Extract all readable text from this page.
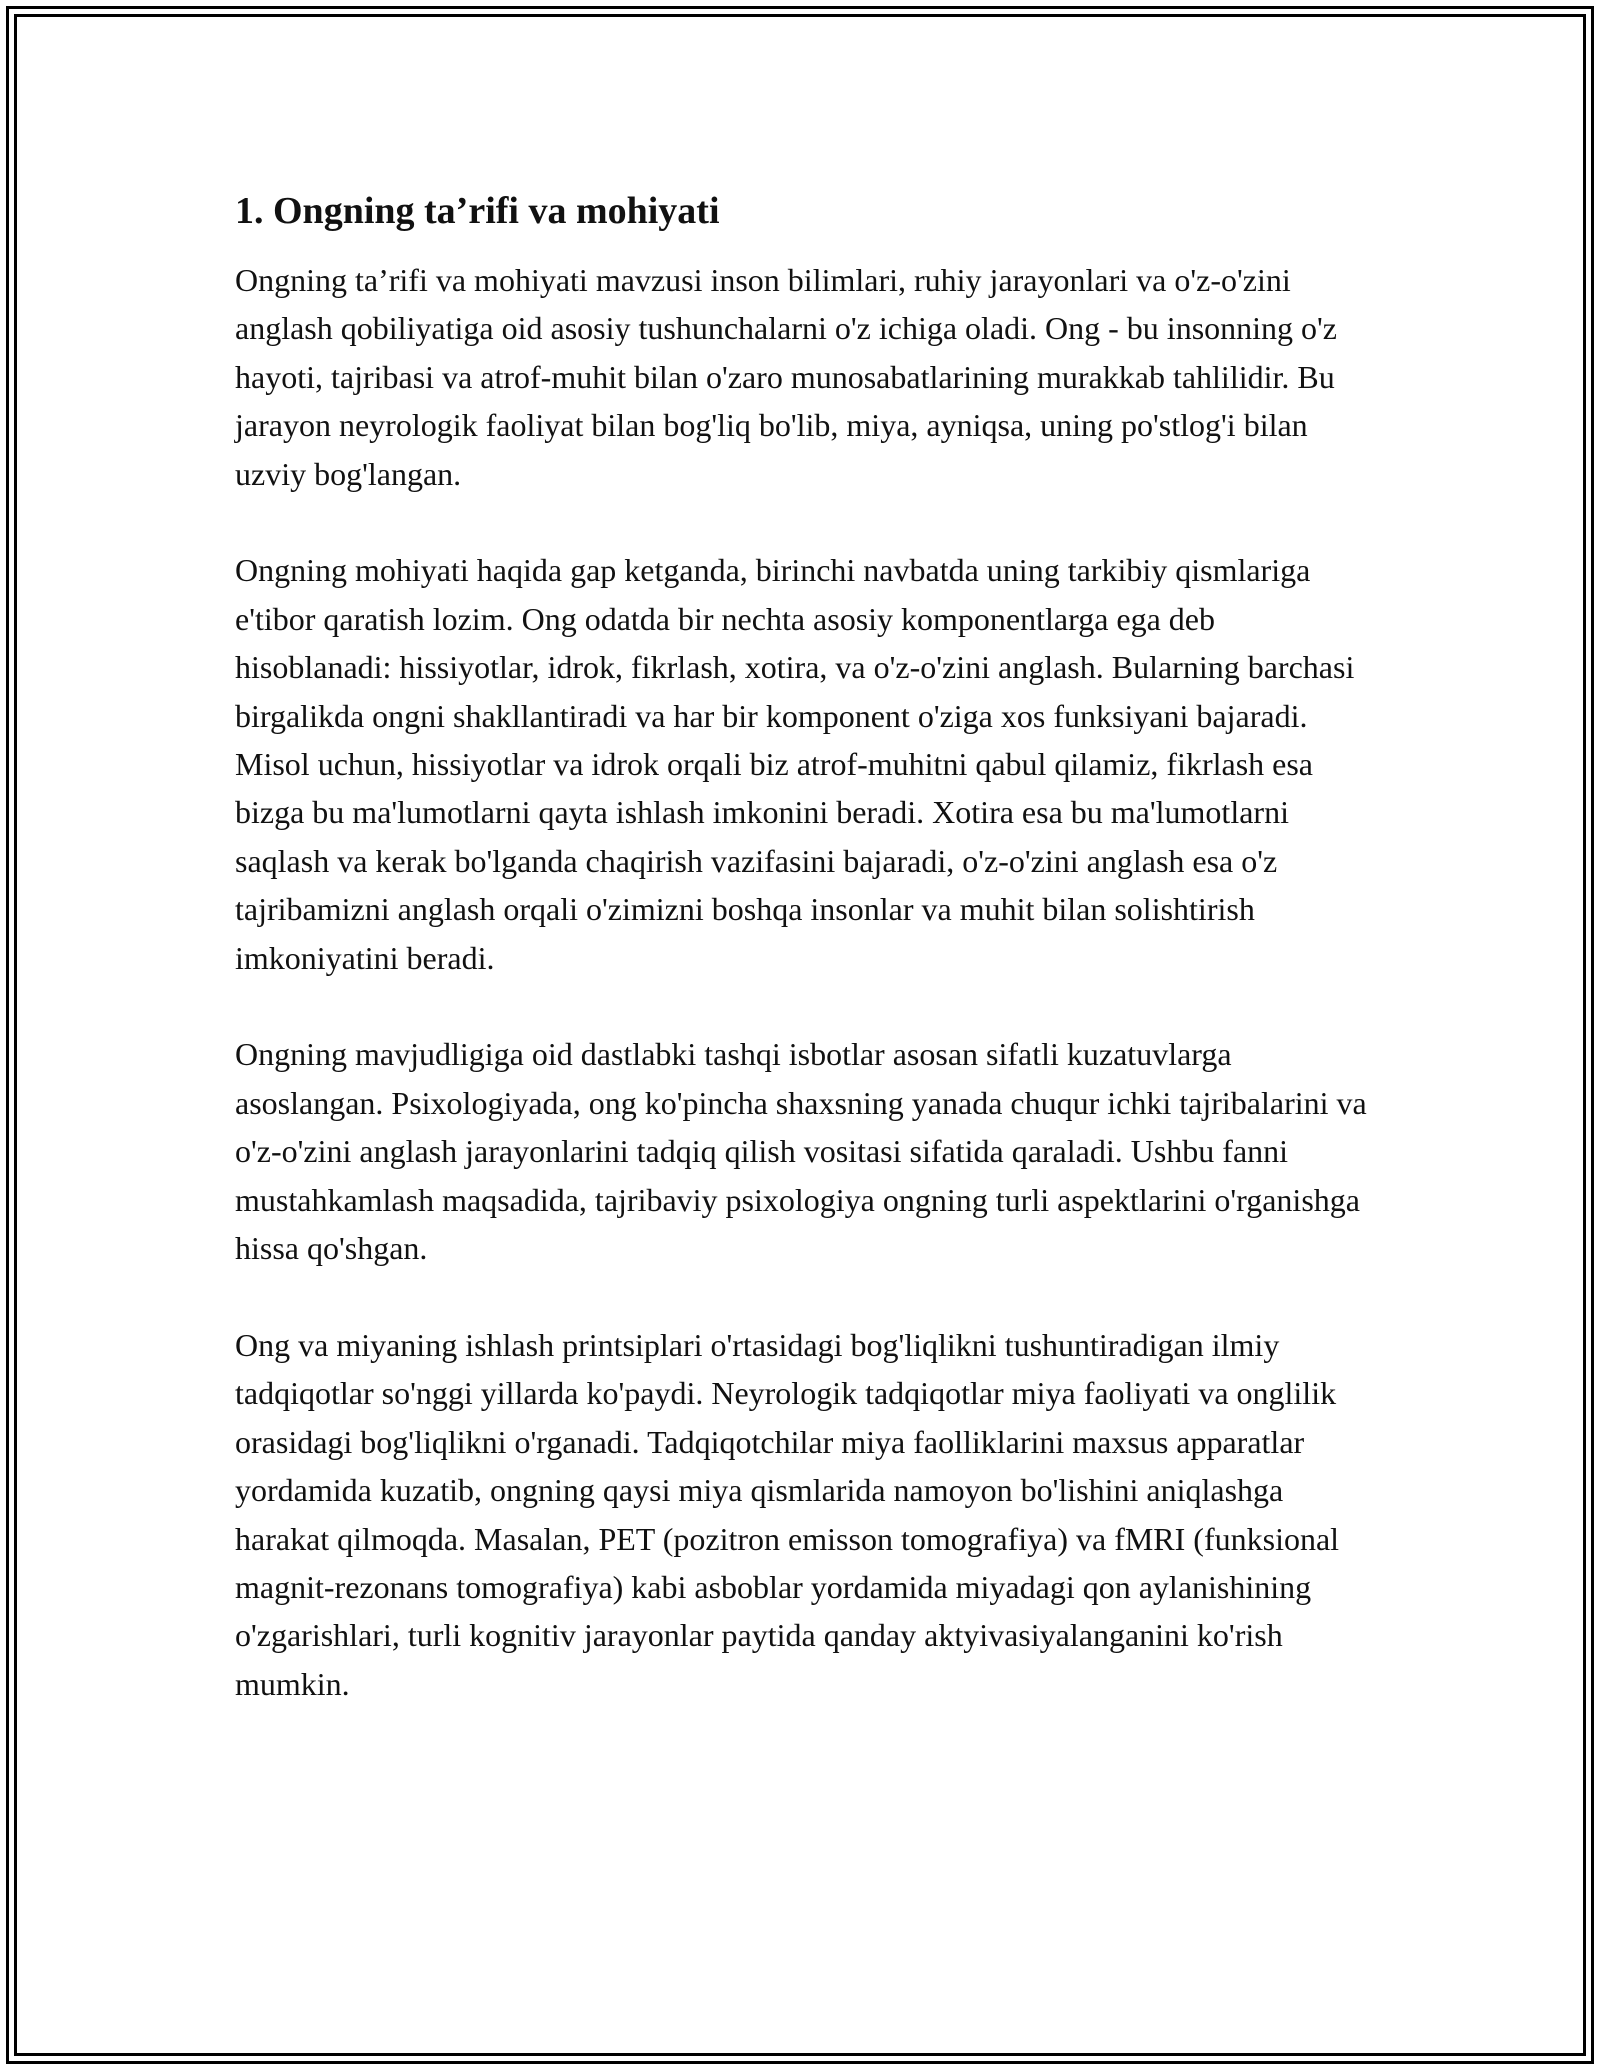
1. Ongning ta’rifi va mohiyati

Ongning ta’rifi va mohiyati mavzusi inson bilimlari, ruhiy jarayonlari va o'z-o'zini anglash qobiliyatiga oid asosiy tushunchalarni o'z ichiga oladi. Ong - bu insonning o'z hayoti, tajribasi va atrof-muhit bilan o'zaro munosabatlarining murakkab tahlilidir. Bu jarayon neyrologik faoliyat bilan bog'liq bo'lib, miya, ayniqsa, uning po'stlog'i bilan uzviy bog'langan.

Ongning mohiyati haqida gap ketganda, birinchi navbatda uning tarkibiy qismlariga e'tibor qaratish lozim. Ong odatda bir nechta asosiy komponentlarga ega deb hisoblanadi: hissiyotlar, idrok, fikrlash, xotira, va o'z-o'zini anglash. Bularning barchasi birgalikda ongni shakllantiradi va har bir komponent o'ziga xos funksiyani bajaradi. Misol uchun, hissiyotlar va idrok orqali biz atrof-muhitni qabul qilamiz, fikrlash esa bizga bu ma'lumotlarni qayta ishlash imkonini beradi. Xotira esa bu ma'lumotlarni saqlash va kerak bo'lganda chaqirish vazifasini bajaradi, o'z-o'zini anglash esa o'z tajribamizni anglash orqali o'zimizni boshqa insonlar va muhit bilan solishtirish imkoniyatini beradi.

Ongning mavjudligiga oid dastlabki tashqi isbotlar asosan sifatli kuzatuvlarga asoslangan. Psixologiyada, ong ko'pincha shaxsning yanada chuqur ichki tajribalarini va o'z-o'zini anglash jarayonlarini tadqiq qilish vositasi sifatida qaraladi. Ushbu fanni mustahkamlash maqsadida, tajribaviy psixologiya ongning turli aspektlarini o'rganishga hissa qo'shgan.

Ong va miyaning ishlash printsiplari o'rtasidagi bog'liqlikni tushuntiradigan ilmiy tadqiqotlar so'nggi yillarda ko'paydi. Neyrologik tadqiqotlar miya faoliyati va onglilik orasidagi bog'liqlikni o'rganadi. Tadqiqotchilar miya faolliklarini maxsus apparatlar yordamida kuzatib, ongning qaysi miya qismlarida namoyon bo'lishini aniqlashga harakat qilmoqda. Masalan, PET (pozitron emisson tomografiya) va fMRI (funksional magnit-rezonans tomografiya) kabi asboblar yordamida miyadagi qon aylanishining o'zgarishlari, turli kognitiv jarayonlar paytida qanday aktyivasiyalanganini ko'rish mumkin.
